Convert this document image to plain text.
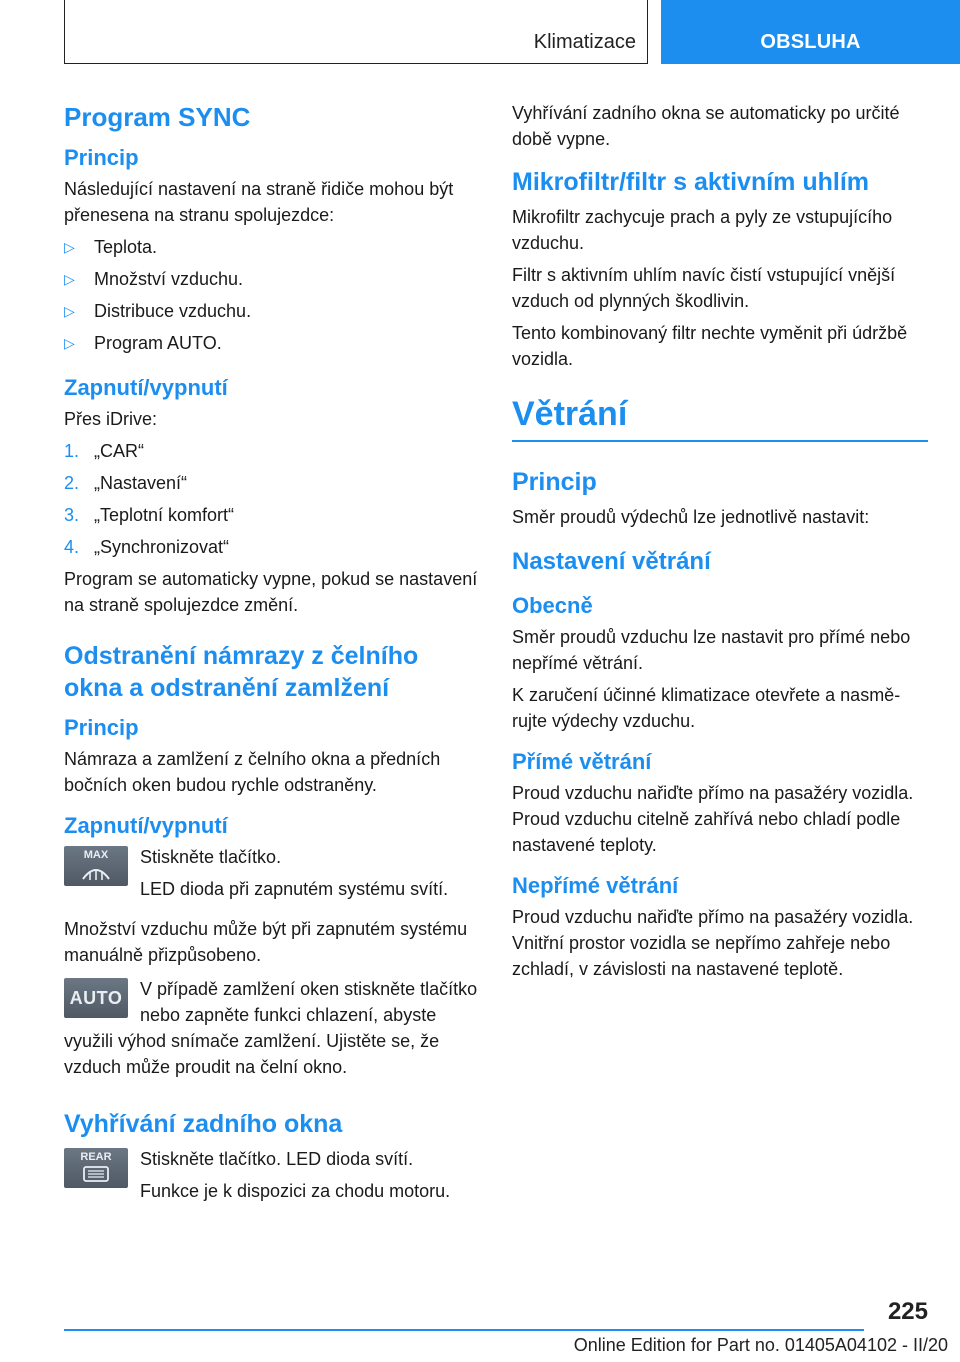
Klimatizace	OBSLUHA
Program SYNC
Princip

Následující nastavení na straně řidiče mohou být přenesena na stranu spolujezdce:

▷ Teplota.
▷ Množství vzduchu.
▷ Distribuce vzduchu.
▷ Program AUTO.
Zapnutí/vypnutí

Přes iDrive:

1. „CAR“
2. „Nastavení“
3. „Teplotní komfort“
4. „Synchronizovat“

Program se automaticky vypne, pokud se nastavení na straně spolujezdce změní.

Odstranění námrazy z čelního okna a odstranění zamlžení
Princip

Námraza a zamlžení z čelního okna a předních bočních oken budou rychle odstraněny.

Zapnutí/vypnutí
MAX	Stiskněte tlačítko.

LED dioda při zapnutém systému svítí.

Množství vzduchu může být při zapnutém systému manuálně přizpůsobeno.

AUTO V případě zamlžení oken stiskněte tlačítko nebo zapněte funkci chlazení, abyste využili výhod snímače zamlžení. Ujistěte se, že vzduch může proudit na čelní okno.

Vyhřívání zadního okna
REAR	Stiskněte tlačítko. LED dioda svítí.

Funkce je k dispozici za chodu motoru.

Vyhřívání zadního okna se automaticky po určité době vypne.

Mikrofiltr/filtr s aktivním uhlím

Mikrofiltr zachycuje prach a pyly ze vstupujícího vzduchu.

Filtr s aktivním uhlím navíc čistí vstupující vnější vzduch od plynných škodlivin.

Tento kombinovaný filtr nechte vyměnit při údržbě vozidla.

Větrání
Princip

Směr proudů výdechů lze jednotlivě nastavit:

Nastavení větrání
Obecně

Směr proudů vzduchu lze nastavit pro přímé nebo nepřímé větrání.

K zaručení účinné klimatizace otevřete a nasměrujte výdechy vzduchu.

Přímé větrání

Proud vzduchu nařiďte přímo na pasažéry vozidla. Proud vzduchu citelně zahřívá nebo chladí podle nastavené teploty.

Nepřímé větrání

Proud vzduchu nařiďte přímo na pasažéry vozidla. Vnitřní prostor vozidla se nepřímo zahřeje nebo zchladí, v závislosti na nastavené teplotě.

225
Online Edition for Part no. 01405A04102 - II/20
